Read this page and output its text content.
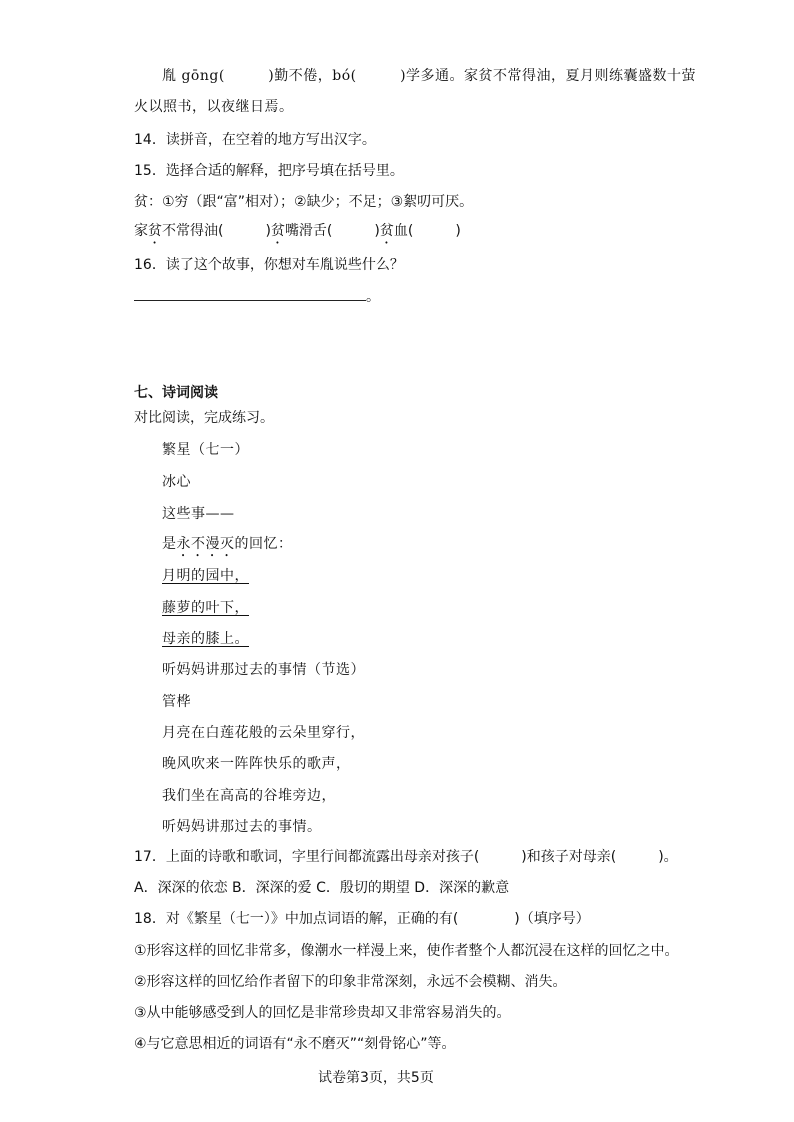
胤 gōng(　　　)勤不倦，bó(　　　)学多通。家贫不常得油，夏月则练囊盛数十萤
火以照书，以夜继日焉。
14．读拼音，在空着的地方写出汉字。
15．选择合适的解释，把序号填在括号里。
贫：①穷（跟“富”相对）；②缺少；不足；③絮叨可厌。
家贫不常得油(　　　)贫嘴滑舌(　　　)贫血(　　　)
16．读了这个故事，你想对车胤说些什么？
。
七、诗词阅读
对比阅读，完成练习。
繁星（七一）
冰心
这些事——
是永不漫灭的回忆：
月明的园中，
藤萝的叶下，
母亲的膝上。
听妈妈讲那过去的事情（节选）
管桦
月亮在白莲花般的云朵里穿行，
晚风吹来一阵阵快乐的歌声，
我们坐在高高的谷堆旁边，
听妈妈讲那过去的事情。
17．上面的诗歌和歌词，字里行间都流露出母亲对孩子(　　　)和孩子对母亲(　　　)。
A．深深的依恋 B．深深的爱 C．殷切的期望 D．深深的歉意
18．对《繁星（七一）》中加点词语的解，正确的有(　　　　)（填序号）
①形容这样的回忆非常多，像潮水一样漫上来，使作者整个人都沉浸在这样的回忆之中。
②形容这样的回忆给作者留下的印象非常深刻，永远不会模糊、消失。
③从中能够感受到人的回忆是非常珍贵却又非常容易消失的。
④与它意思相近的词语有“永不磨灭”“刻骨铭心”等。
试卷第3页，共5页
